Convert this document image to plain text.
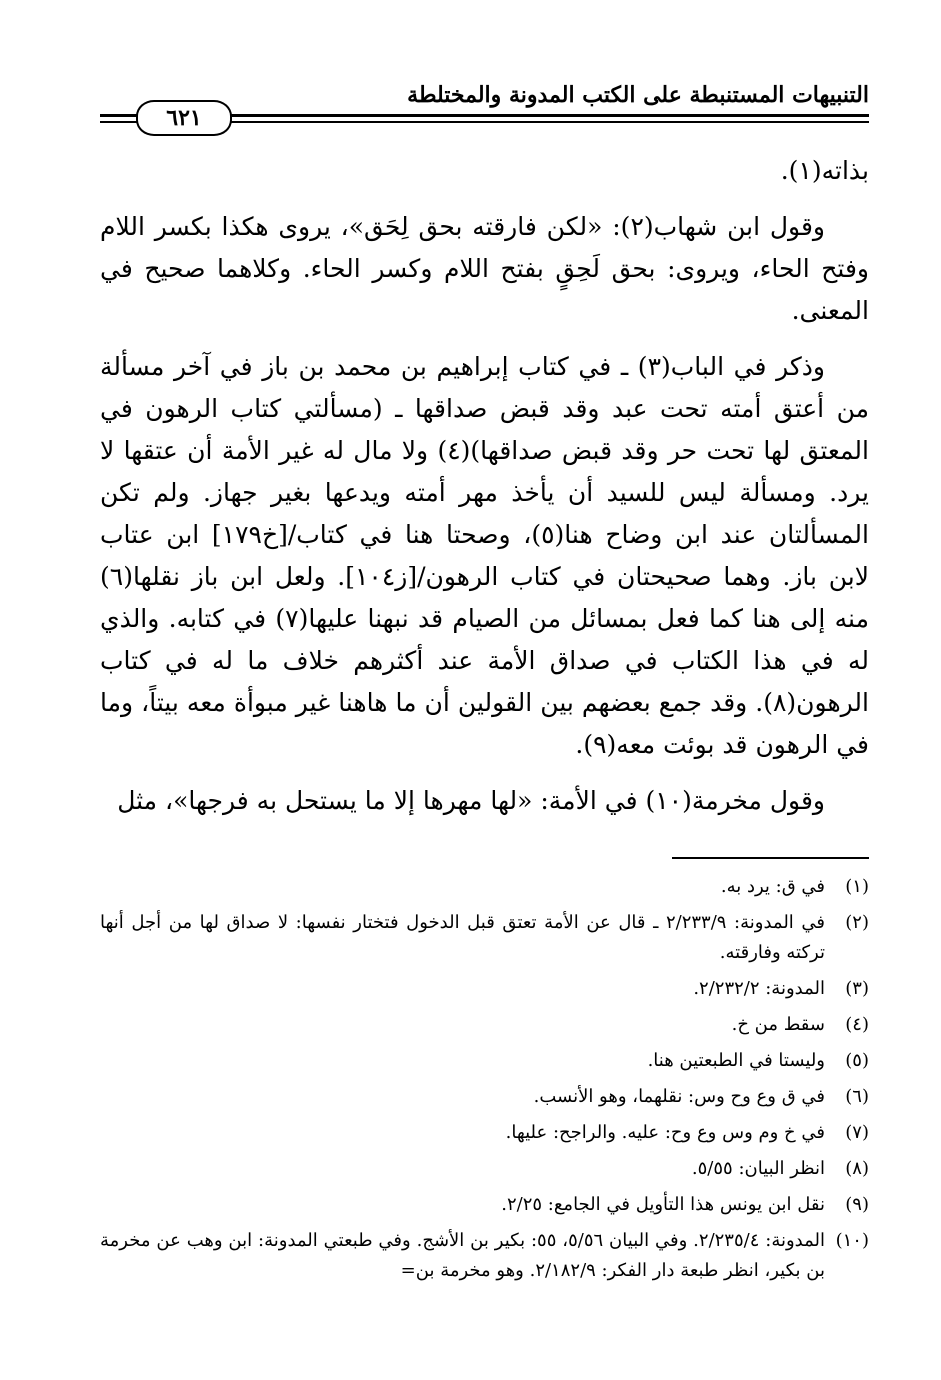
التنبيهات المستنبطة على الكتب المدونة والمختلطة
٦٢١

بذاته(١).

وقول ابن شهاب(٢): «لكن فارقته بحق لِحَق»، يروى هكذا بكسر اللام وفتح الحاء، ويروى: بحق لَحِقٍ بفتح اللام وكسر الحاء. وكلاهما صحيح في المعنى.

وذكر في الباب(٣) ـ في كتاب إبراهيم بن محمد بن باز في آخر مسألة من أعتق أمته تحت عبد وقد قبض صداقها ـ (مسألتي كتاب الرهون في المعتق لها تحت حر وقد قبض صداقها)(٤) ولا مال له غير الأمة أن عتقها لا يرد. ومسألة ليس للسيد أن يأخذ مهر أمته ويدعها بغير جهاز. ولم تكن المسألتان عند ابن وضاح هنا(٥)، وصحتا هنا في كتاب/[خ١٧٩] ابن عتاب لابن باز. وهما صحيحتان في كتاب الرهون/[ز١٠٤]. ولعل ابن باز نقلها(٦) منه إلى هنا كما فعل بمسائل من الصيام قد نبهنا عليها(٧) في كتابه. والذي له في هذا الكتاب في صداق الأمة عند أكثرهم خلاف ما له في كتاب الرهون(٨). وقد جمع بعضهم بين القولين أن ما هاهنا غير مبوأة معه بيتاً، وما في الرهون قد بوئت معه(٩).

وقول مخرمة(١٠) في الأمة: «لها مهرها إلا ما يستحل به فرجها»، مثل

(١)
في ق: يرد به.
(٢)
في المدونة: ٢/٢٣٣/٩ ـ قال عن الأمة تعتق قبل الدخول فتختار نفسها: لا صداق لها من أجل أنها تركته وفارقته.
(٣)
المدونة: ٢/٢٣٢/٢.
(٤)
سقط من خ.
(٥)
وليستا في الطبعتين هنا.
(٦)
في ق وع وح وس: نقلهما، وهو الأنسب.
(٧)
في خ وم وس وع وح: عليه. والراجح: عليها.
(٨)
انظر البيان: ٥/٥٥.
(٩)
نقل ابن يونس هذا التأويل في الجامع: ٢/٢٥.
(١٠)
المدونة: ٢/٢٣٥/٤. وفي البيان ٥/٥٦، ٥٥: بكير بن الأشج. وفي طبعتي المدونة: ابن وهب عن مخرمة بن بكير، انظر طبعة دار الفكر: ٢/١٨٢/٩. وهو مخرمة بن=
